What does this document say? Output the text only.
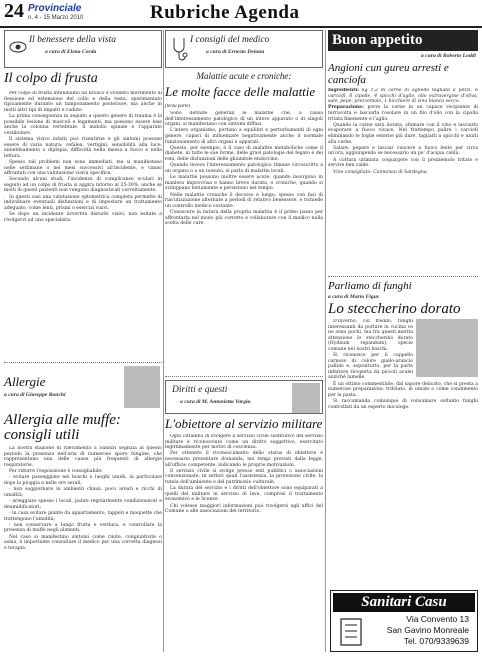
24 Provinciale
n. 4 - 15 Marzo 2010	Rubriche Agenda
Il benessere della vista
a cura di Elena Corda
Il colpo di frusta

Per colpo di frusta intendiamo un brusco e violento movimento di flessione ed estensione del collo e della testa, sperimentato tipicamente durante un tamponamento posteriore, ma anche in molti altri tipi di impatti e cadute.

La prima conseguenza in seguito a questo genere di trauma è la possibile lesione di muscoli e legamenti, ma possono essere lese anche la colonna vertebrale, il midollo spinale e l'apparato vestibolare.

Il sistema visivo infatti può risentirne e gli sintomi possono essere di varia natura: cefalea, vertigini, sensibilità alla luce, annebbiamento o diplopia, difficoltà nella messa a fuoco e nella lettura.

Spesso tali problemi non sono immediati, ma si manifestano nelle settimane o nei mesi successivi all'incidente, e vanno affrontati con una valutazione visiva specifica.

Secondo alcuni studi, l'incidenza di complicanze oculari in seguito ad un colpo di frusta si aggira intorno al 25-30%, anche se molti di questi pazienti non vengono diagnosticati correttamente.

In questi casi una valutazione optometrica completa permette di individuare eventuali disfunzioni e di impostare un trattamento adeguato, come lenti, prismi o esercizi visivi.

Se dopo un incidente avvertite disturbi visivi, non esitate a rivolgervi ad uno specialista.

Allergie
a cura di Giuseppe Ronchi
Allergia alle muffe: consigli utili

La nostra stazione di rilevamento a Sanluri segnala in questo periodo la presenza nell'aria di numerose spore fungine, che rappresentano una delle cause più frequenti di allergie respiratorie.

Per ridurre l'esposizione è consigliabile:

- evitare passeggiate nei boschi o luoghi umidi, in particolare dopo la pioggia e nelle ore serali;

- non soggiornare in ambienti chiusi, poco areati e ricchi di umidità;

- arieggiare spesso i locali, pulire regolarmente condizionatori e deumidificatori;

- in casa evitare piante da appartamento, tappeti e moquette che trattengono l'umidità;

- non conservare a lungo frutta e verdura, e controllare la presenza di muffe negli alimenti.

Nel caso si manifestino sintomi come rinite, congiuntivite o asma, è importante consultare il medico per una corretta diagnosi e terapia.

I consigli del medico
a cura di Ernesto Deiana
Malattie acute e croniche:
Le molte facce delle malattie
(terza parte)

Sono definite generali le malattie che, a causa dell'interessamento patologico di un intero apparato o di singoli organi, si manifestano con sintomi diffusi.

L'intero organismo, portano a squilibri e perturbamenti di ogni genere, capaci di influenzare negativamente anche il normale funzionamento di altri organi e apparati.

Questo, per esempio, è il caso di malattie metaboliche come il diabete, in tutte le sue forme, delle gravi patologie del fegato e dei reni, delle disfunzioni delle ghiandole endocrine.

Quando invece l'interessamento patologico rimane circoscritto a un organo o a un tessuto, si parla di malattie locali.

Le malattie possono inoltre essere acute, quando insorgono in maniera improvvisa e hanno breve durata, o croniche, quando si sviluppano lentamente e persistono nel tempo.

Nelle malattie croniche il decorso è lungo, spesso con fasi di riacutizzazione alternate a periodi di relativo benessere, e richiede un controllo medico costante.

Conoscere la natura della propria malattia è il primo passo per affrontarla nel modo più corretto e collaborare con il medico nella scelta delle cure.

Diritti e questi
a cura di M. Antonietta Vargiu
L'obiettore al servizio militare

Ogni cittadino di svolgere il servizio civile sostitutivo del servizio militare è riconosciuto come un diritto soggettivo, esercitato legittimamente per motivi di coscienza.

Per ottenere il riconoscimento dello status di obiettore è necessario presentare domanda, nei tempi previsti dalla legge, all'ufficio competente, indicando le proprie motivazioni.

Il servizio civile si svolge presso enti pubblici o associazioni convenzionate, in settori quali l'assistenza, la protezione civile, la tutela dell'ambiente e del patrimonio culturale.

La durata del servizio e i diritti dell'obiettore sono equiparati a quelli del militare in servizio di leva, compresi il trattamento economico e le licenze.

Chi volesse maggiori informazioni può rivolgersi agli uffici del Comune o alle associazioni del territorio.

Buon appetito
a cura di Roberto Loddi
Angioni cun gureu arresti e canciofa

Ingredienti: kg 1,2 di carne di agnello tagliata a pezzi, 6 carciofi, 6 cipolle, 4 spicchi d'aglio, olio extravergine d'oliva, sale, pepe, prezzemolo, 1 bicchiere di vino bianco secco.

Preparazione: porre la carne in un capace recipiente di terracotta e lasciarla rosolare in un filo d'olio con la cipolla tritata finemente e l'aglio.

Quando la carne sarà dorata, sfumare con il vino e lasciarlo evaporare a fuoco vivace. Nel frattempo pulire i carciofi eliminando le foglie esterne più dure, tagliarli a spicchi e unirli alla carne.

Salare, pepare e lasciar cuocere a fuoco lento per circa un'ora, aggiungendo se necessario un po' d'acqua calda.

A cottura ultimata cospargere con il prezzemolo tritato e servire ben caldo.

Vino consigliato: Cannonau di Sardegna.

Parliamo di funghi
a cura di Mario Figus
Lo steccherino dorato

D'inverno, col freddo, funghi interessanti da portare in cucina ce ne sono pochi, ma tra questi merita attenzione lo steccherino dorato (Hydnum repandum), specie comune nei nostri boschi.

Si riconosce per il cappello carnoso di colore giallo-arancio pallido e, soprattutto, per la parte inferiore ricoperta da piccoli aculei anziché lamelle.

È un ottimo commestibile, dal sapore delicato, che si presta a numerose preparazioni: trifolato, in umido o come condimento per la pasta.

Si raccomanda comunque di consumare soltanto funghi controllati da un esperto micologo.

Sanitari Casu
Via Convento 13
San Gavino Monreale
Tel. 070/9339639
